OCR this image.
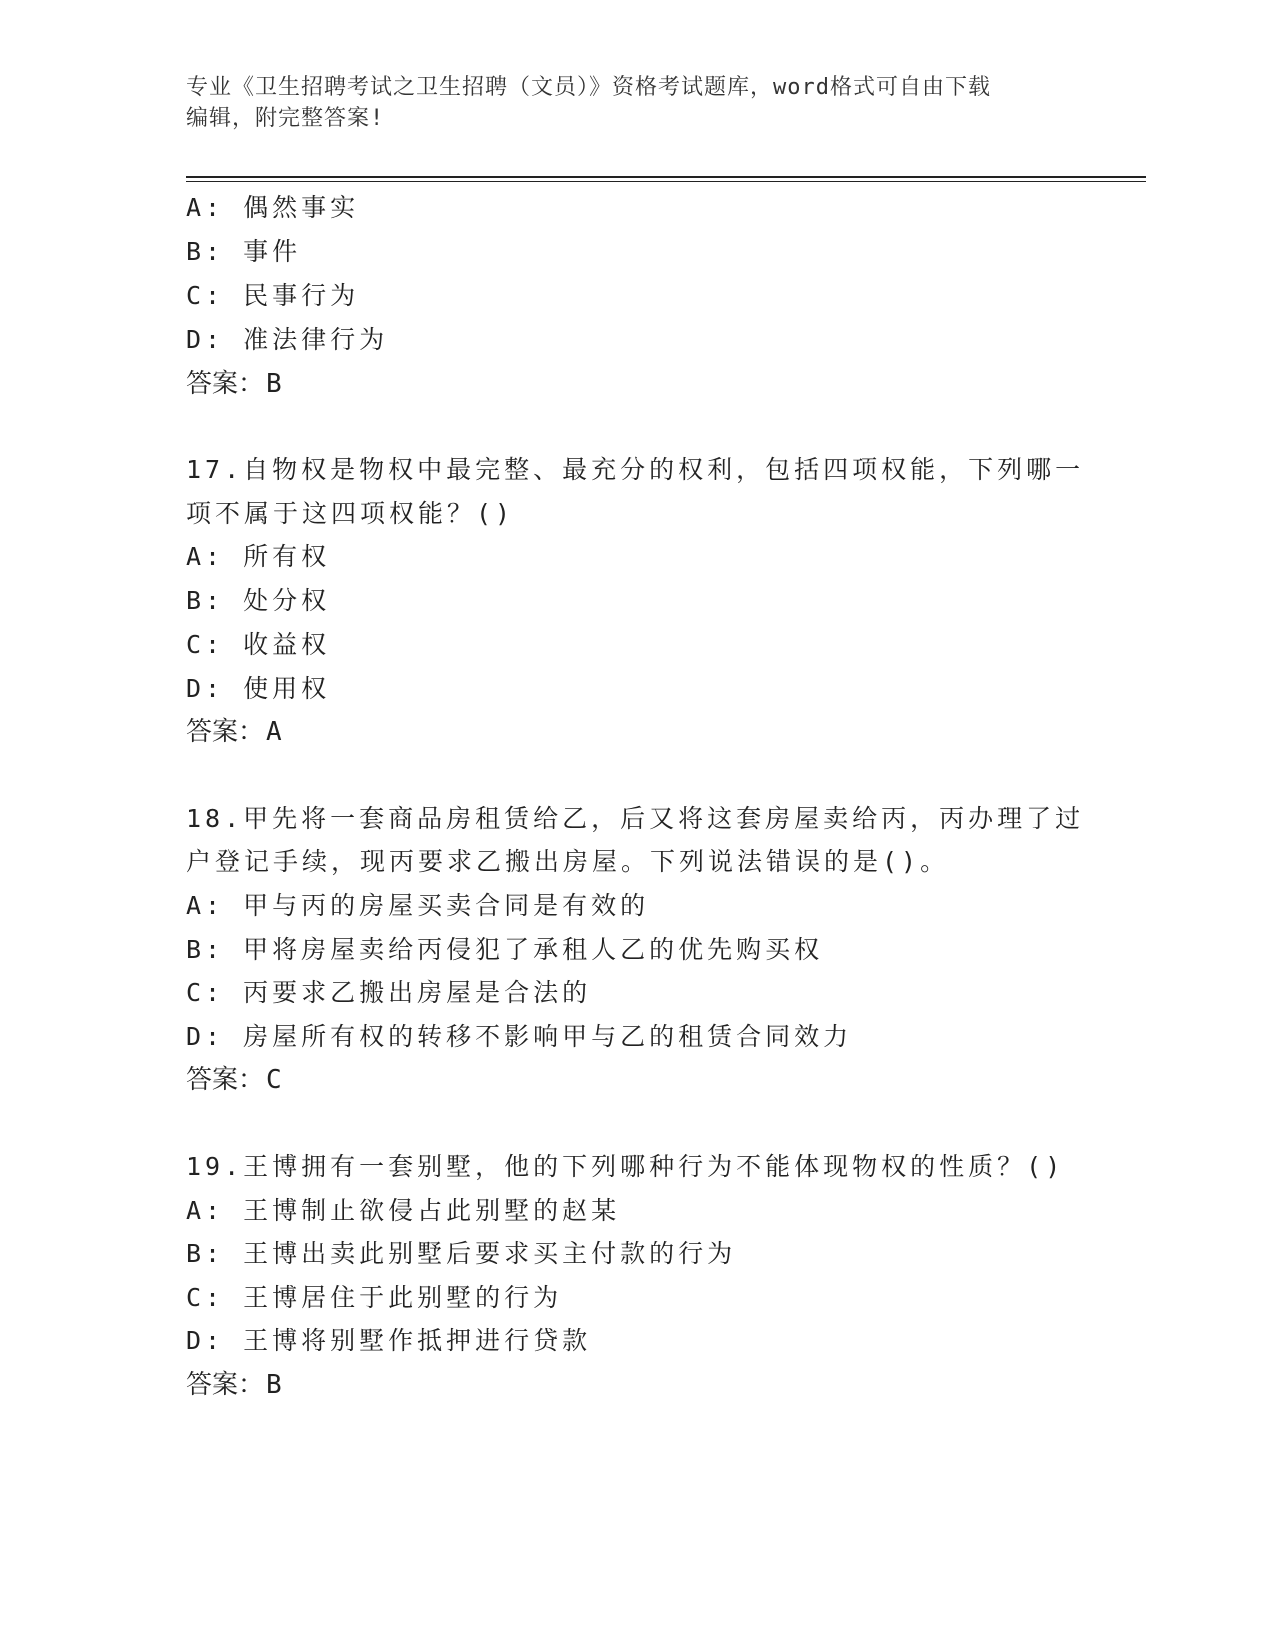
专业《卫生招聘考试之卫生招聘（文员）》资格考试题库，word格式可自由下载
编辑，附完整答案!
A: 偶然事实
B: 事件
C: 民事行为
D: 准法律行为
答案：B
17.自物权是物权中最完整、最充分的权利，包括四项权能，下列哪一
项不属于这四项权能？()
A: 所有权
B: 处分权
C: 收益权
D: 使用权
答案：A
18.甲先将一套商品房租赁给乙，后又将这套房屋卖给丙，丙办理了过
户登记手续，现丙要求乙搬出房屋。下列说法错误的是()。
A: 甲与丙的房屋买卖合同是有效的
B: 甲将房屋卖给丙侵犯了承租人乙的优先购买权
C: 丙要求乙搬出房屋是合法的
D: 房屋所有权的转移不影响甲与乙的租赁合同效力
答案：C
19.王博拥有一套别墅，他的下列哪种行为不能体现物权的性质？()
A: 王博制止欲侵占此别墅的赵某
B: 王博出卖此别墅后要求买主付款的行为
C: 王博居住于此别墅的行为
D: 王博将别墅作抵押进行贷款
答案：B
